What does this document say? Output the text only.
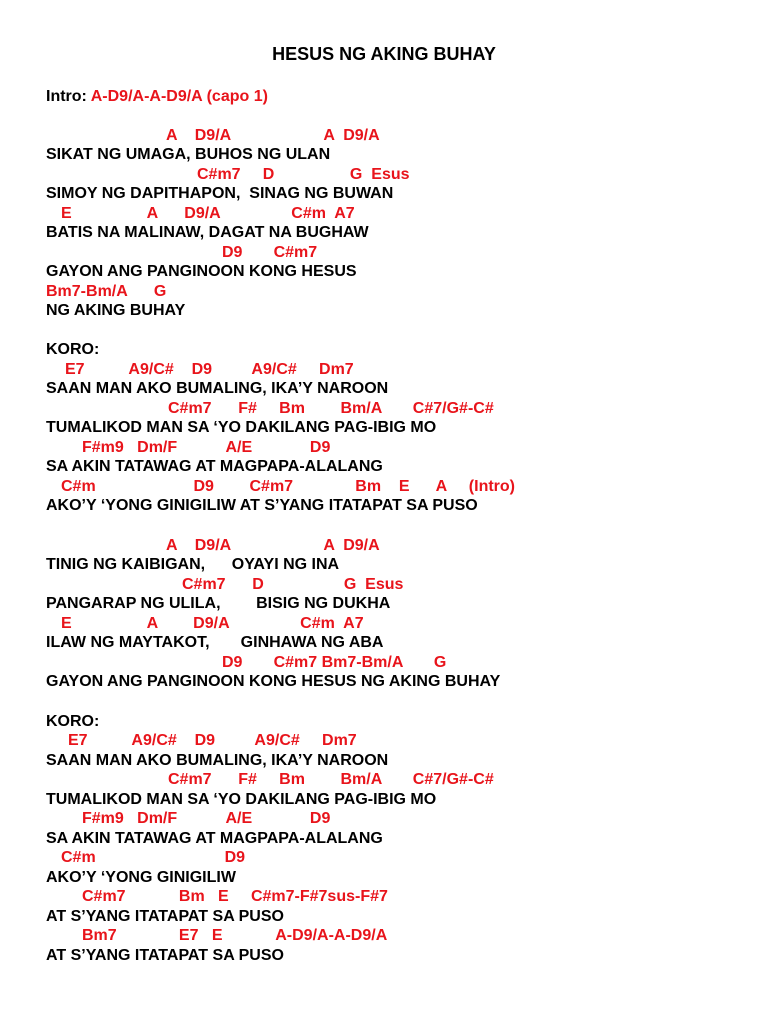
HESUS NG AKING BUHAY

Intro: A-D9/A-A-D9/A (capo 1)

A    D9/A                     A  D9/A

SIKAT NG UMAGA, BUHOS NG ULAN

C#m7     D                 G  Esus

SIMOY NG DAPITHAPON,  SINAG NG BUWAN

E                 A      D9/A                C#m  A7

BATIS NA MALINAW, DAGAT NA BUGHAW

D9       C#m7

GAYON ANG PANGINOON KONG HESUS

Bm7-Bm/A      G

NG AKING BUHAY

KORO:

E7          A9/C#    D9         A9/C#     Dm7

SAAN MAN AKO BUMALING, IKA’Y NAROON

C#m7      F#     Bm        Bm/A       C#7/G#-C#

TUMALIKOD MAN SA ‘YO DAKILANG PAG-IBIG MO

F#m9   Dm/F           A/E             D9

SA AKIN TATAWAG AT MAGPAPA-ALALANG

C#m                      D9        C#m7              Bm    E      A     (Intro)

AKO’Y ‘YONG GINIGILIW AT S’YANG ITATAPAT SA PUSO

A    D9/A                     A  D9/A

TINIG NG KAIBIGAN,      OYAYI NG INA

C#m7      D                  G  Esus

PANGARAP NG ULILA,        BISIG NG DUKHA

E                 A        D9/A                C#m  A7

ILAW NG MAYTAKOT,       GINHAWA NG ABA

D9       C#m7 Bm7-Bm/A       G

GAYON ANG PANGINOON KONG HESUS NG AKING BUHAY

KORO:

E7          A9/C#    D9         A9/C#     Dm7

SAAN MAN AKO BUMALING, IKA’Y NAROON

C#m7      F#     Bm        Bm/A       C#7/G#-C#

TUMALIKOD MAN SA ‘YO DAKILANG PAG-IBIG MO

F#m9   Dm/F           A/E             D9

SA AKIN TATAWAG AT MAGPAPA-ALALANG

C#m                             D9

AKO’Y ‘YONG GINIGILIW

C#m7            Bm   E     C#m7-F#7sus-F#7

AT S’YANG ITATAPAT SA PUSO

Bm7              E7   E            A-D9/A-A-D9/A

AT S’YANG ITATAPAT SA PUSO
